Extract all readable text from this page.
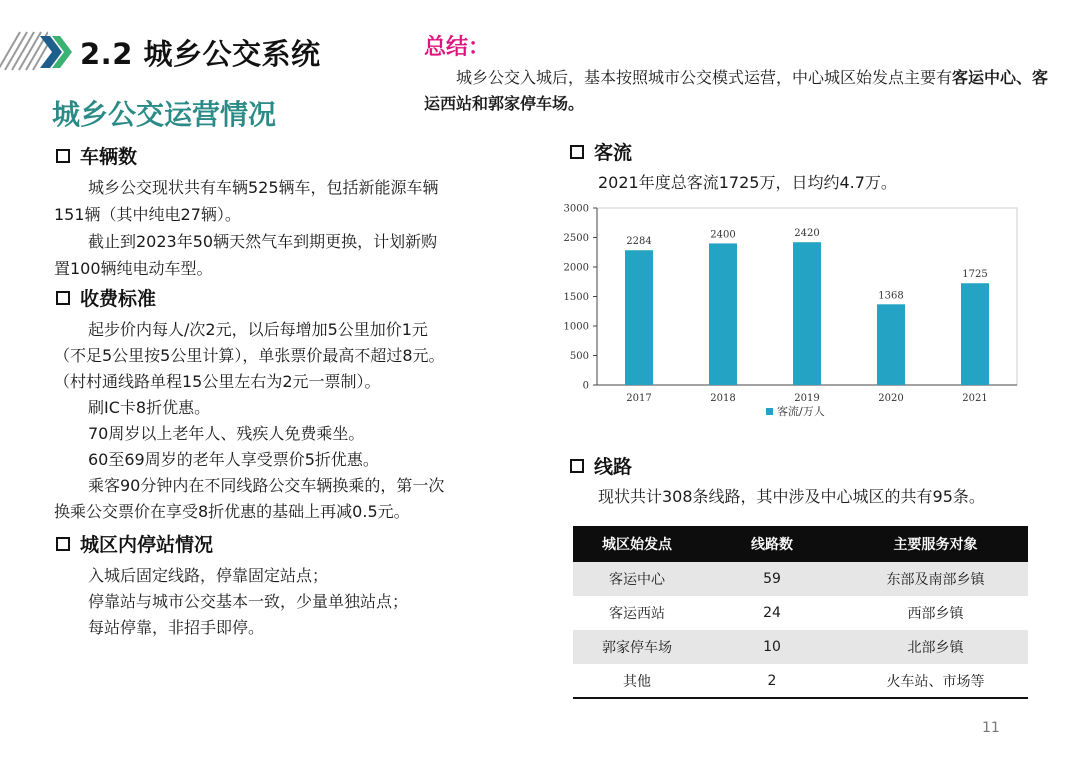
2.2 城乡公交系统
城乡公交运营情况
总结：
城乡公交入城后，基本按照城市公交模式运营，中心城区始发点主要有客运中心、客运西站和郭家停车场。
车辆数
城乡公交现状共有车辆525辆车，包括新能源车辆
151辆（其中纯电27辆）。
截止到2023年50辆天然气车到期更换，计划新购
置100辆纯电动车型。
收费标准
起步价内每人/次2元，以后每增加5公里加价1元
（不足5公里按5公里计算），单张票价最高不超过8元。
（村村通线路单程15公里左右为2元一票制）。
刷IC卡8折优惠。
70周岁以上老年人、残疾人免费乘坐。
60至69周岁的老年人享受票价5折优惠。
乘客90分钟内在不同线路公交车辆换乘的，第一次
换乘公交票价在享受8折优惠的基础上再减0.5元。
城区内停站情况
入城后固定线路，停靠固定站点；
停靠站与城市公交基本一致，少量单独站点；
每站停靠，非招手即停。
客流
2021年度总客流1725万，日均约4.7万。
0
500
1000
1500
2000
2500
3000
2284
2017
2400
2018
2420
2019
1368
2020
1725
2021
客流/万人
线路
现状共计308条线路，其中涉及中心城区的共有95条。
城区始发点	线路数	主要服务对象
客运中心	59	东部及南部乡镇
客运西站	24	西部乡镇
郭家停车场	10	北部乡镇
其他	2	火车站、市场等
11
